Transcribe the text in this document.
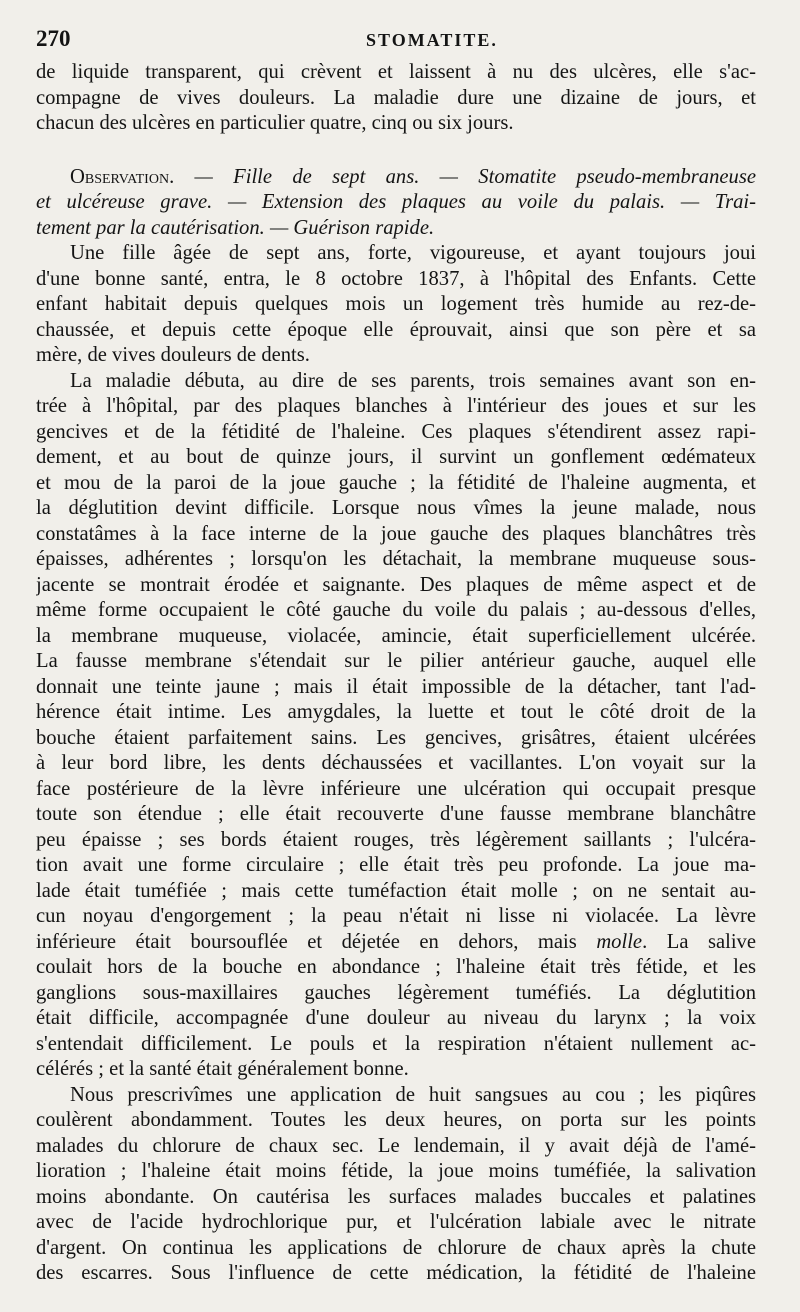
270	STOMATITE.
de liquide transparent, qui crèvent et laissent à nu des ulcères, elle s'ac-
compagne de vives douleurs. La maladie dure une dizaine de jours, et
chacun des ulcères en particulier quatre, cinq ou six jours.
Observation. — Fille de sept ans. — Stomatite pseudo-membraneuse
et ulcéreuse grave. — Extension des plaques au voile du palais. — Trai-
tement par la cautérisation. — Guérison rapide.
Une fille âgée de sept ans, forte, vigoureuse, et ayant toujours joui
d'une bonne santé, entra, le 8 octobre 1837, à l'hôpital des Enfants. Cette
enfant habitait depuis quelques mois un logement très humide au rez-de-
chaussée, et depuis cette époque elle éprouvait, ainsi que son père et sa
mère, de vives douleurs de dents.
La maladie débuta, au dire de ses parents, trois semaines avant son en-
trée à l'hôpital, par des plaques blanches à l'intérieur des joues et sur les
gencives et de la fétidité de l'haleine. Ces plaques s'étendirent assez rapi-
dement, et au bout de quinze jours, il survint un gonflement œdémateux
et mou de la paroi de la joue gauche ; la fétidité de l'haleine augmenta, et
la déglutition devint difficile. Lorsque nous vîmes la jeune malade, nous
constatâmes à la face interne de la joue gauche des plaques blanchâtres très
épaisses, adhérentes ; lorsqu'on les détachait, la membrane muqueuse sous-
jacente se montrait érodée et saignante. Des plaques de même aspect et de
même forme occupaient le côté gauche du voile du palais ; au-dessous d'elles,
la membrane muqueuse, violacée, amincie, était superficiellement ulcérée.
La fausse membrane s'étendait sur le pilier antérieur gauche, auquel elle
donnait une teinte jaune ; mais il était impossible de la détacher, tant l'ad-
hérence était intime. Les amygdales, la luette et tout le côté droit de la
bouche étaient parfaitement sains. Les gencives, grisâtres, étaient ulcérées
à leur bord libre, les dents déchaussées et vacillantes. L'on voyait sur la
face postérieure de la lèvre inférieure une ulcération qui occupait presque
toute son étendue ; elle était recouverte d'une fausse membrane blanchâtre
peu épaisse ; ses bords étaient rouges, très légèrement saillants ; l'ulcéra-
tion avait une forme circulaire ; elle était très peu profonde. La joue ma-
lade était tuméfiée ; mais cette tuméfaction était molle ; on ne sentait au-
cun noyau d'engorgement ; la peau n'était ni lisse ni violacée. La lèvre
inférieure était boursouflée et déjetée en dehors, mais molle. La salive
coulait hors de la bouche en abondance ; l'haleine était très fétide, et les
ganglions sous-maxillaires gauches légèrement tuméfiés. La déglutition
était difficile, accompagnée d'une douleur au niveau du larynx ; la voix
s'entendait difficilement. Le pouls et la respiration n'étaient nullement ac-
célérés ; et la santé était généralement bonne.
Nous prescrivîmes une application de huit sangsues au cou ; les piqûres
coulèrent abondamment. Toutes les deux heures, on porta sur les points
malades du chlorure de chaux sec. Le lendemain, il y avait déjà de l'amé-
lioration ; l'haleine était moins fétide, la joue moins tuméfiée, la salivation
moins abondante. On cautérisa les surfaces malades buccales et palatines
avec de l'acide hydrochlorique pur, et l'ulcération labiale avec le nitrate
d'argent. On continua les applications de chlorure de chaux après la chute
des escarres. Sous l'influence de cette médication, la fétidité de l'haleine
